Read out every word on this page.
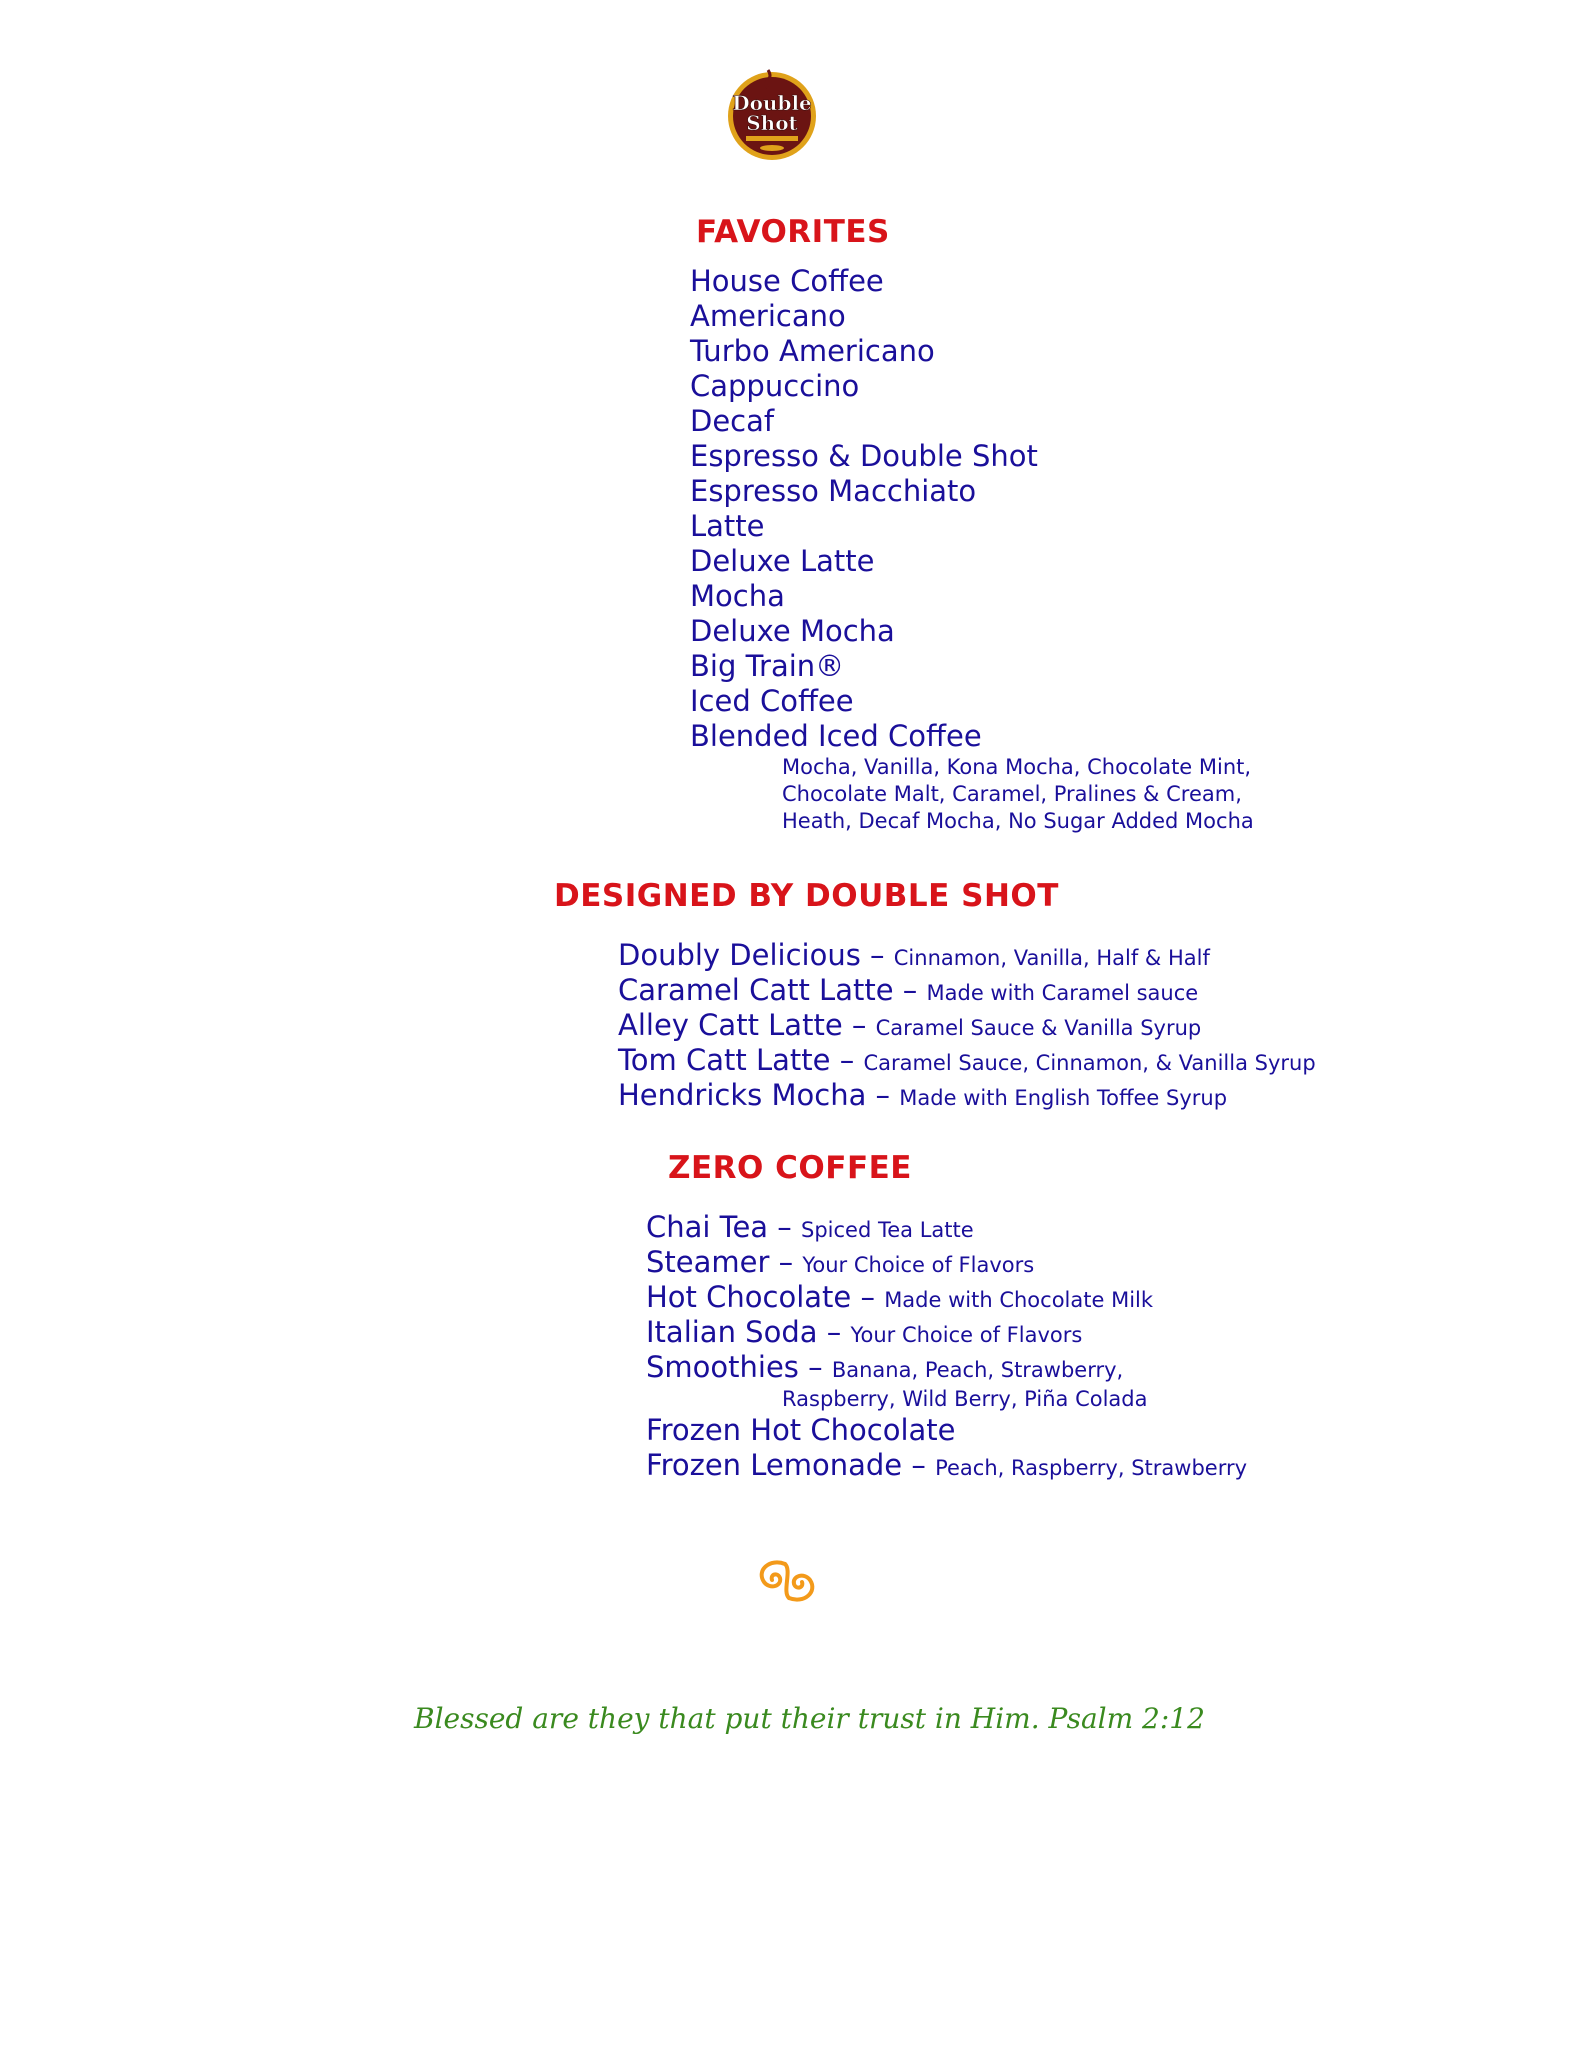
Double
Shot
FAVORITES

House Coffee

Americano

Turbo Americano

Cappuccino

Decaf

Espresso & Double Shot

Espresso Macchiato

Latte

Deluxe Latte

Mocha

Deluxe Mocha

Big Train®

Iced Coffee

Blended Iced Coffee

Mocha, Vanilla, Kona Mocha, Chocolate Mint,
Chocolate Malt, Caramel, Pralines & Cream,
Heath, Decaf Mocha, No Sugar Added Mocha
DESIGNED BY DOUBLE SHOT

Doubly Delicious – Cinnamon, Vanilla, Half & Half

Caramel Catt Latte – Made with Caramel sauce

Alley Catt Latte – Caramel Sauce & Vanilla Syrup

Tom Catt Latte – Caramel Sauce, Cinnamon, & Vanilla Syrup

Hendricks Mocha – Made with English Toffee Syrup

ZERO COFFEE

Chai Tea – Spiced Tea Latte

Steamer – Your Choice of Flavors

Hot Chocolate – Made with Chocolate Milk

Italian Soda – Your Choice of Flavors

Smoothies – Banana, Peach, Strawberry,

Raspberry, Wild Berry, Piña Colada

Frozen Hot Chocolate

Frozen Lemonade – Peach, Raspberry, Strawberry

Blessed are they that put their trust in Him. Psalm 2:12
